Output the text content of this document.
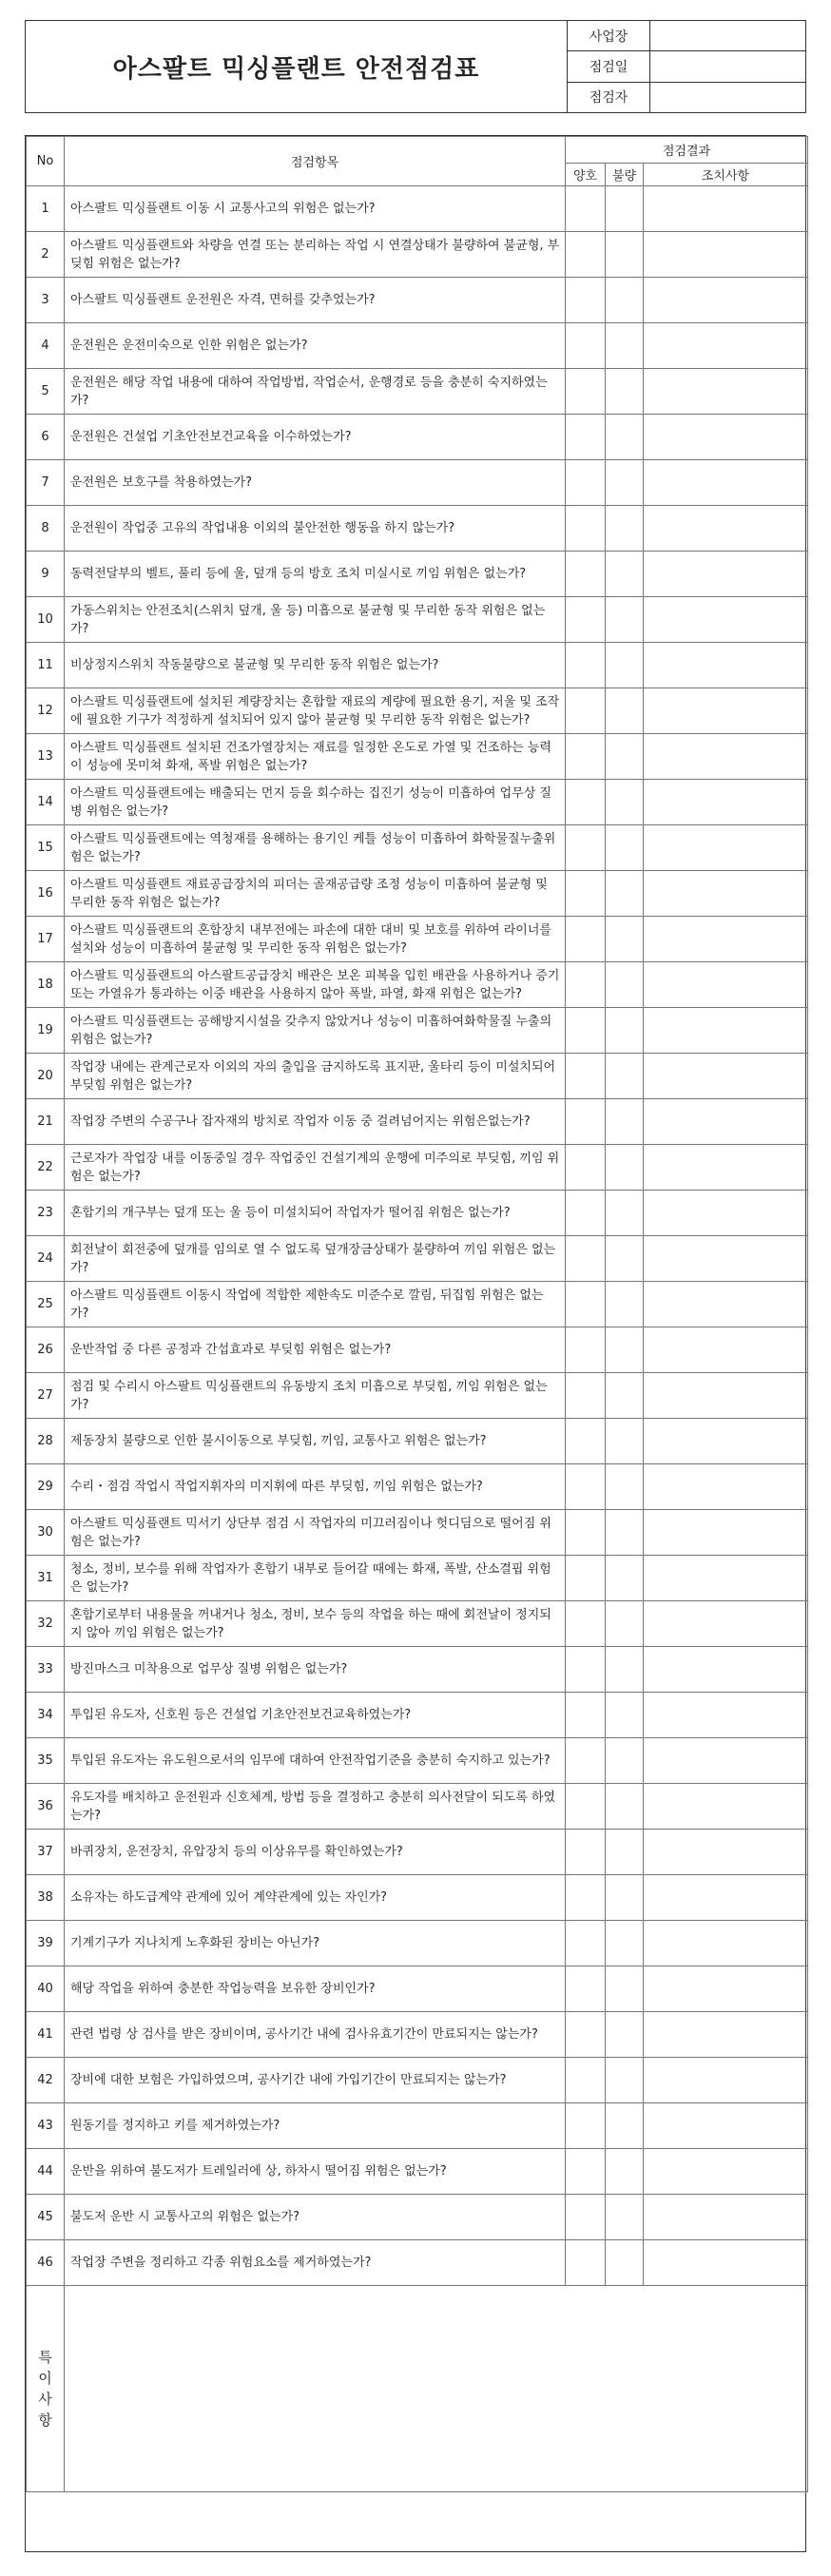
아스팔트 믹싱플랜트 안전점검표
사업장
점검일
점검자
No	점검항목	점검결과		
		양호	불량	조치사항
1	아스팔트 믹싱플랜트 이동 시 교통사고의 위험은 없는가?			

2	아스팔트 믹싱플랜트와 차량을 연결 또는 분리하는 작업 시 연결상태가 불량하여 불균형, 부딪힘 위험은 없는가?			

3	아스팔트 믹싱플랜트 운전원은 자격, 면허를 갖추었는가?			

4	운전원은 운전미숙으로 인한 위험은 없는가?			

5	운전원은 해당 작업 내용에 대하여 작업방법, 작업순서, 운행경로 등을 충분히 숙지하였는가?			

6	운전원은 건설업 기초안전보건교육을 이수하였는가?			

7	운전원은 보호구를 착용하였는가?			

8	운전원이 작업중 고유의 작업내용 이외의 불안전한 행동을 하지 않는가?			

9	동력전달부의 벨트, 풀리 등에 울, 덮개 등의 방호 조치 미실시로 끼임 위험은 없는가?			

10	가동스위치는 안전조치(스위치 덮개, 울 등) 미흡으로 불균형 및 무리한 동작 위험은 없는가?			

11	비상정지스위치 작동불량으로 불균형 및 무리한 동작 위험은 없는가?			

12	아스팔트 믹싱플랜트에 설치된 계량장치는 혼합할 재료의 계량에 필요한 용기, 저울 및 조작에 필요한 기구가 적정하게 설치되어 있지 않아 불균형 및 무리한 동작 위험은 없는가?			

13	아스팔트 믹싱플랜트 설치된 건조가열장치는 재료를 일정한 온도로 가열 및 건조하는 능력이 성능에 못미쳐 화재, 폭발 위험은 없는가?			

14	아스팔트 믹싱플랜트에는 배출되는 먼지 등을 회수하는 집진기 성능이 미흡하여 업무상 질병 위험은 없는가?			

15	아스팔트 믹싱플랜트에는 역청재를 용해하는 용기인 케틀 성능이 미흡하여 화학물질누출위험은 없는가?			

16	아스팔트 믹싱플랜트 재료공급장치의 피더는 골재공급량 조정 성능이 미흡하여 불균형 및 무리한 동작 위험은 없는가?			

17	아스팔트 믹싱플랜트의 혼합장치 내부전에는 파손에 대한 대비 및 보호를 위하여 라이너를 설치와 성능이 미흡하여 불균형 및 무리한 동작 위험은 없는가?			

18	아스팔트 믹싱플랜트의 아스팔트공급장치 배관은 보온 피복을 입힌 배관을 사용하거나 증기 또는 가열유가 통과하는 이중 배관을 사용하지 않아 폭발, 파열, 화재 위험은 없는가?			

19	아스팔트 믹싱플랜트는 공해방지시설을 갖추지 않았거나 성능이 미흡하여화학물질 누출의 위험은 없는가?			

20	작업장 내에는 관계근로자 이외의 자의 출입을 금지하도록 표지판, 울타리 등이 미설치되어 부딪힘 위험은 없는가?			

21	작업장 주변의 수공구나 잡자재의 방치로 작업자 이동 중 걸려넘어지는 위험은없는가?			

22	근로자가 작업장 내를 이동중일 경우 작업중인 건설기계의 운행에 미주의로 부딪힘, 끼임 위험은 없는가?			

23	혼합기의 개구부는 덮개 또는 울 등이 미설치되어 작업자가 떨어짐 위험은 없는가?			

24	회전날이 회전중에 덮개를 임의로 열 수 없도록 덮개장금상태가 불량하여 끼임 위험은 없는가?			

25	아스팔트 믹싱플랜트 이동시 작업에 적합한 제한속도 미준수로 깔림, 뒤집힘 위험은 없는가?			

26	운반작업 중 다른 공정과 간섭효과로 부딪힘 위험은 없는가?			

27	점검 및 수리시 아스팔트 믹싱플랜트의 유동방지 조치 미흡으로 부딪힘, 끼임 위험은 없는가?			

28	제동장치 불량으로 인한 불시이동으로 부딪힘, 끼임, 교통사고 위험은 없는가?			

29	수리・점검 작업시 작업지휘자의 미지휘에 따른 부딪힘, 끼임 위험은 없는가?			

30	아스팔트 믹싱플랜트 믹서기 상단부 점검 시 작업자의 미끄러짐이나 헛디딤으로 떨어짐 위험은 없는가?			

31	청소, 정비, 보수를 위해 작업자가 혼합기 내부로 들어갈 때에는 화재, 폭발, 산소결핍 위험은 없는가?			

32	혼합기로부터 내용물을 꺼내거나 청소, 정비, 보수 등의 작업을 하는 때에 회전날이 정지되지 않아 끼임 위험은 없는가?			

33	방진마스크 미착용으로 업무상 질병 위험은 없는가?			

34	투입된 유도자, 신호원 등은 건설업 기초안전보건교육하였는가?			

35	투입된 유도자는 유도원으로서의 임무에 대하여 안전작업기준을 충분히 숙지하고 있는가?			

36	유도자를 배치하고 운전원과 신호체계, 방법 등을 결정하고 충분히 의사전달이 되도록 하였는가?			

37	바퀴장치, 운전장치, 유압장치 등의 이상유무를 확인하였는가?			

38	소유자는 하도급계약 관계에 있어 계약관계에 있는 자인가?			

39	기계기구가 지나치게 노후화된 장비는 아닌가?			

40	해당 작업을 위하여 충분한 작업능력을 보유한 장비인가?			

41	관련 법령 상 검사를 받은 장비이며, 공사기간 내에 검사유효기간이 만료되지는 않는가?			

42	장비에 대한 보험은 가입하였으며, 공사기간 내에 가입기간이 만료되지는 않는가?			

43	원동기를 정지하고 키를 제거하였는가?			

44	운반을 위하여 불도저가 트레일러에 상, 하차시 떨어짐 위험은 없는가?			

45	불도저 운반 시 교통사고의 위험은 없는가?			

46	작업장 주변을 정리하고 각종 위험요소를 제거하였는가?			

특
이
사
항				
